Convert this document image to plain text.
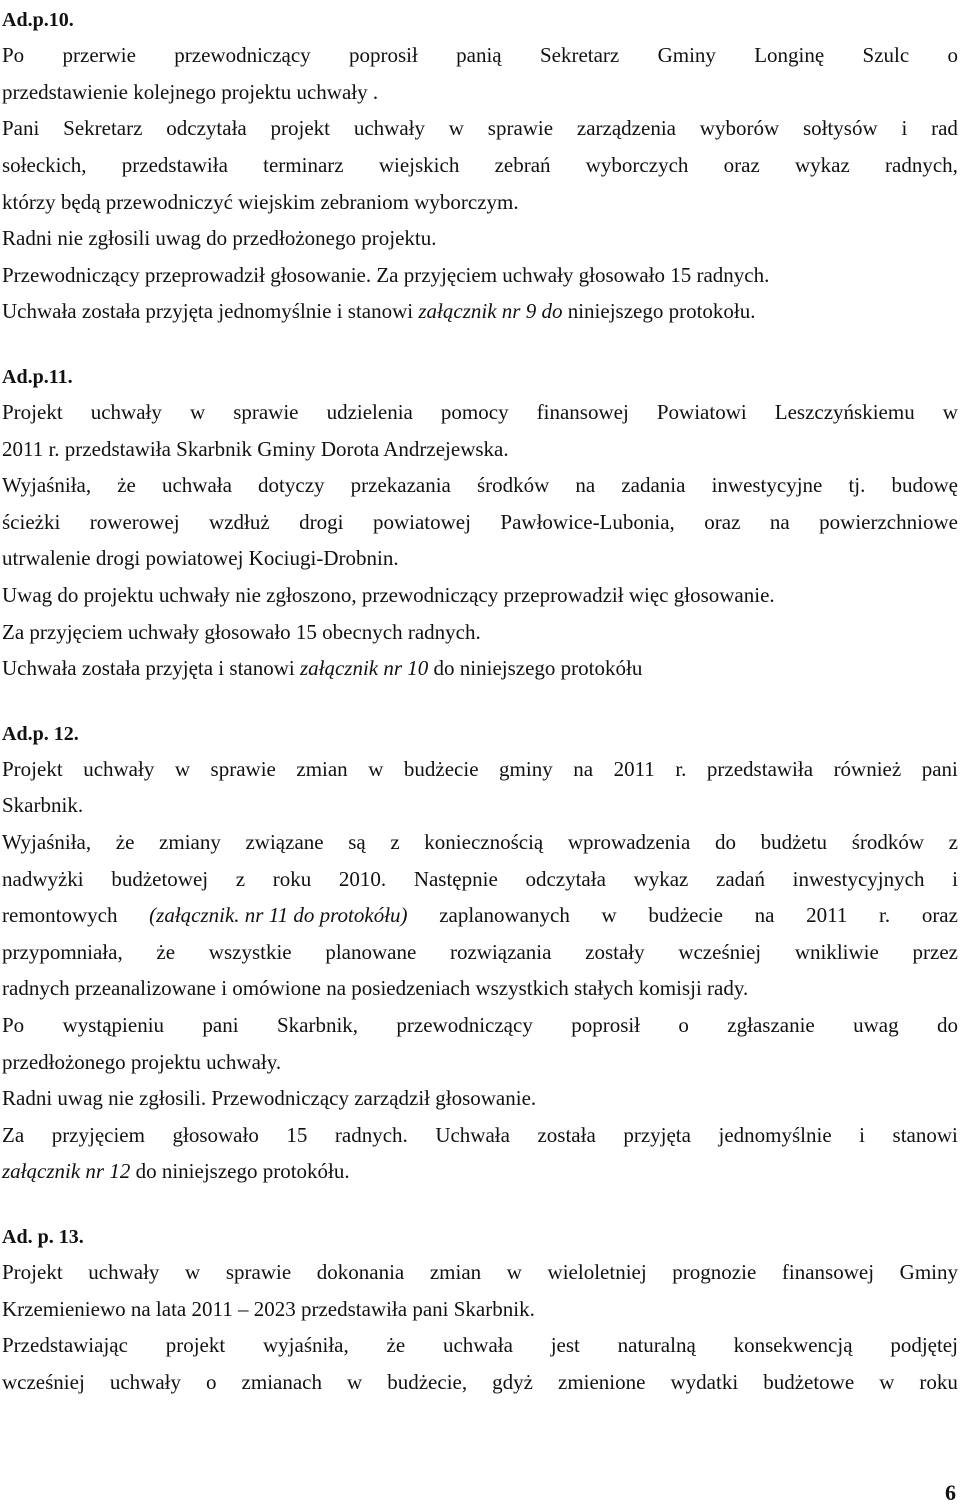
Ad.p.10.
Po przerwie przewodniczący poprosił panią Sekretarz Gminy Longinę Szulc o
przedstawienie kolejnego projektu uchwały .
Pani Sekretarz odczytała projekt uchwały w sprawie zarządzenia wyborów sołtysów i rad
sołeckich, przedstawiła terminarz wiejskich zebrań wyborczych oraz wykaz radnych,
którzy będą przewodniczyć wiejskim zebraniom wyborczym.
Radni nie zgłosili uwag do przedłożonego projektu.
Przewodniczący przeprowadził głosowanie. Za przyjęciem uchwały głosowało 15 radnych.
Uchwała została przyjęta jednomyślnie i stanowi załącznik nr 9 do niniejszego protokołu.
Ad.p.11.
Projekt uchwały w sprawie udzielenia pomocy finansowej Powiatowi Leszczyńskiemu w
2011 r. przedstawiła Skarbnik Gminy Dorota Andrzejewska.
Wyjaśniła, że uchwała dotyczy przekazania środków na zadania inwestycyjne tj. budowę
ścieżki rowerowej wzdłuż drogi powiatowej Pawłowice-Lubonia, oraz na powierzchniowe
utrwalenie drogi powiatowej Kociugi-Drobnin.
Uwag do projektu uchwały nie zgłoszono, przewodniczący przeprowadził więc głosowanie.
Za przyjęciem uchwały głosowało 15 obecnych radnych.
Uchwała została przyjęta i stanowi załącznik nr 10 do niniejszego protokółu
Ad.p. 12.
Projekt uchwały w sprawie zmian w budżecie gminy na 2011 r. przedstawiła również pani
Skarbnik.
Wyjaśniła, że zmiany związane są z koniecznością wprowadzenia do budżetu środków z
nadwyżki budżetowej z roku 2010. Następnie odczytała wykaz zadań inwestycyjnych i
remontowych (załącznik. nr 11 do protokółu) zaplanowanych w budżecie na 2011 r. oraz
przypomniała, że wszystkie planowane rozwiązania zostały wcześniej wnikliwie przez
radnych przeanalizowane i omówione na posiedzeniach wszystkich stałych komisji rady.
Po wystąpieniu pani Skarbnik, przewodniczący poprosił o zgłaszanie uwag do
przedłożonego projektu uchwały.
Radni uwag nie zgłosili. Przewodniczący zarządził głosowanie.
Za przyjęciem głosowało 15 radnych. Uchwała została przyjęta jednomyślnie i stanowi
załącznik nr 12 do niniejszego protokółu.
Ad. p. 13.
Projekt uchwały w sprawie dokonania zmian w wieloletniej prognozie finansowej Gminy
Krzemieniewo na lata 2011 – 2023 przedstawiła pani Skarbnik.
Przedstawiając projekt wyjaśniła, że uchwała jest naturalną konsekwencją podjętej
wcześniej uchwały o zmianach w budżecie, gdyż zmienione wydatki budżetowe w roku
6
